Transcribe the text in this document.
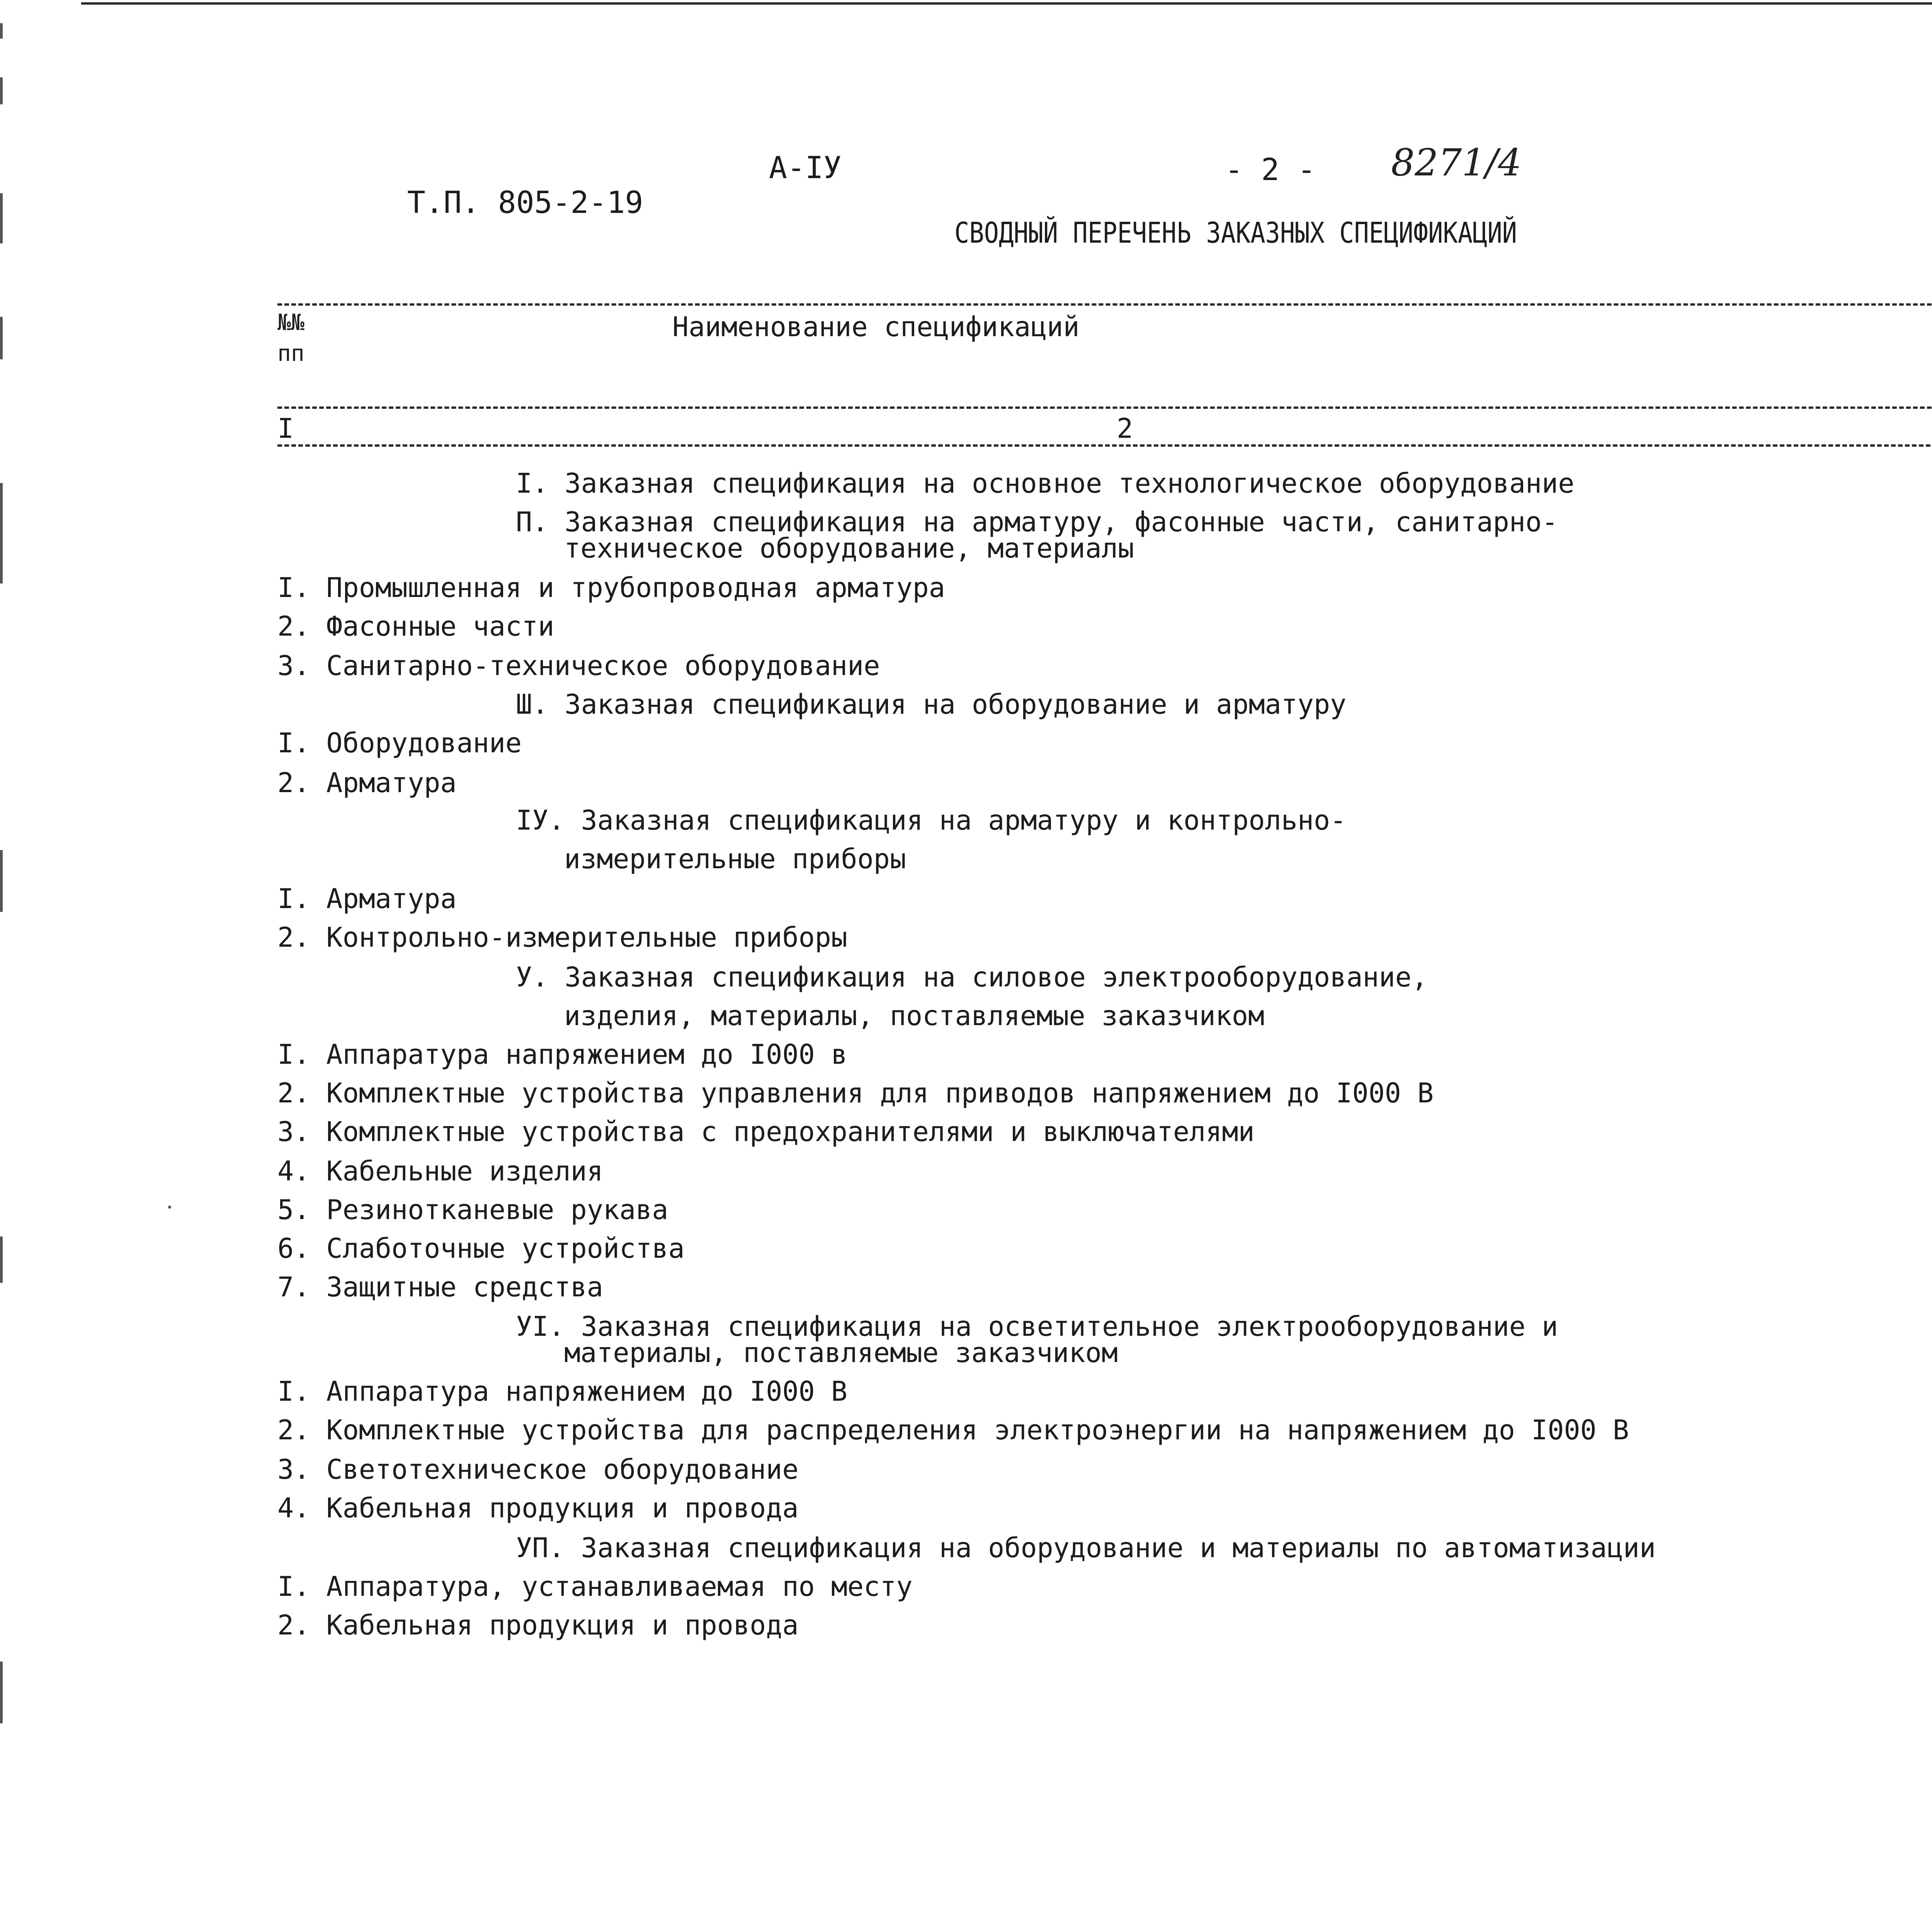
Т.П. 805-2-19

А-IУ	- 2 - 8271/4
СВОДНЫЙ ПЕРЕЧЕНЬ ЗАКАЗНЫХ СПЕЦИФИКАЦИЙ
№№
пп
Наименование спецификаций
I	2
I. Заказная спецификация на основное технологическое оборудование
П. Заказная спецификация на арматуру, фасонные части, санитарно-
техническое оборудование, материалы
I. Промышленная и трубопроводная арматура
2. Фасонные части
3. Санитарно-техническое оборудование
Ш. Заказная спецификация на оборудование и арматуру
I. Оборудование
2. Арматура
IУ. Заказная спецификация на арматуру и контрольно-
измерительные приборы
I. Арматура
2. Контрольно-измерительные приборы
У. Заказная спецификация на силовое электрооборудование,
изделия, материалы, поставляемые заказчиком
I. Аппаратура напряжением до I000 в
2. Комплектные устройства управления для приводов напряжением до I000 В
3. Комплектные устройства с предохранителями и выключателями
4. Кабельные изделия
5. Резинотканевые рукава
6. Слаботочные устройства
7. Защитные средства
УI. Заказная спецификация на осветительное электрооборудование и
материалы, поставляемые заказчиком
I. Аппаратура напряжением до I000 В
2. Комплектные устройства для распределения электроэнергии на напряжением до I000 В
3. Светотехническое оборудование
4. Кабельная продукция и провода
УП. Заказная спецификация на оборудование и материалы по автоматизации
I. Аппаратура, устанавливаемая по месту
2. Кабельная продукция и провода
